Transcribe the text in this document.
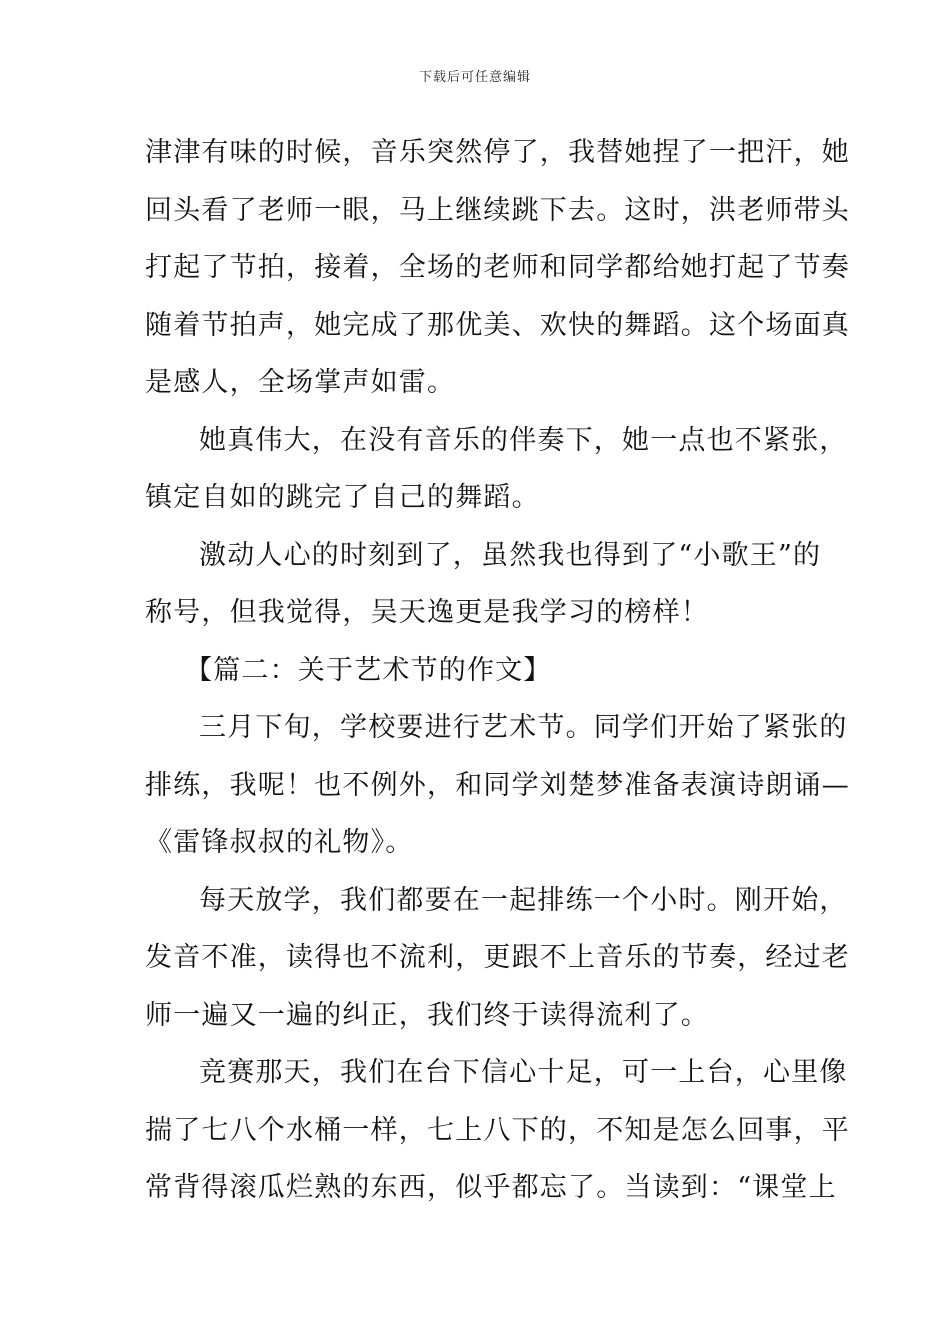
下载后可任意编辑
津津有味的时候，音乐突然停了，我替她捏了一把汗，她
回头看了老师一眼，马上继续跳下去。这时，洪老师带头
打起了节拍，接着，全场的老师和同学都给她打起了节奏
随着节拍声，她完成了那优美、欢快的舞蹈。这个场面真
是感人，全场掌声如雷。
她真伟大，在没有音乐的伴奏下，她一点也不紧张，
镇定自如的跳完了自己的舞蹈。
激动人心的时刻到了，虽然我也得到了“小歌王”的
称号，但我觉得，吴天逸更是我学习的榜样！
【篇二：关于艺术节的作文】
三月下旬，学校要进行艺术节。同学们开始了紧张的
排练，我呢！也不例外，和同学刘楚梦准备表演诗朗诵—
《雷锋叔叔的礼物》。
每天放学，我们都要在一起排练一个小时。刚开始，
发音不准，读得也不流利，更跟不上音乐的节奏，经过老
师一遍又一遍的纠正，我们终于读得流利了。
竞赛那天，我们在台下信心十足，可一上台，心里像
揣了七八个水桶一样，七上八下的，不知是怎么回事，平
常背得滚瓜烂熟的东西，似乎都忘了。当读到：“课堂上
